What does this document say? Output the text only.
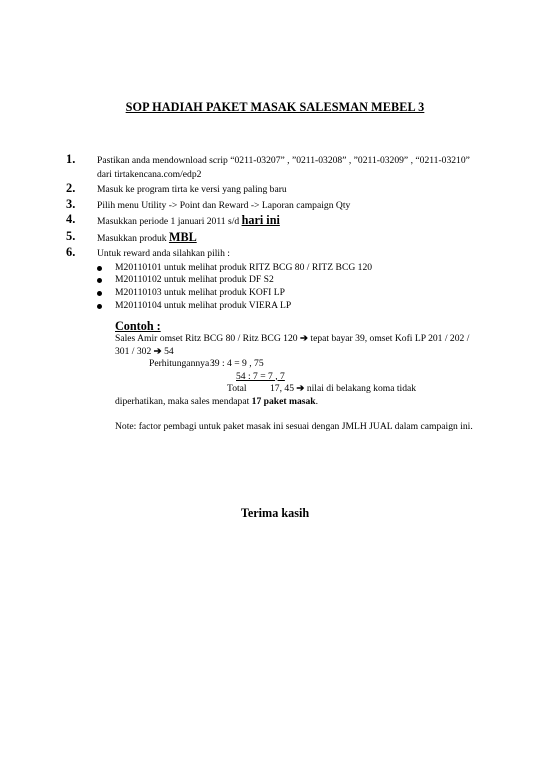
SOP HADIAH PAKET MASAK SALESMAN MEBEL 3
1. Pastikan anda mendownload scrip “0211-03207” , ”0211-03208” , ”0211-03209” , “0211-03210” dari tirtakencana.com/edp2
2. Masuk ke program tirta ke versi yang paling baru
3. Pilih menu Utility -> Point dan Reward -> Laporan campaign Qty
4. Masukkan periode 1 januari 2011 s/d hari ini
5. Masukkan produk MBL
6. Untuk reward anda silahkan pilih :
M20110101 untuk melihat produk RITZ BCG 80 / RITZ BCG 120
M20110102 untuk melihat produk DF S2
M20110103 untuk melihat produk KOFI LP
M20110104 untuk melihat produk VIERA LP
Contoh :
Sales Amir omset Ritz BCG 80 / Ritz BCG 120 ➔ tepat bayar 39, omset Kofi LP 201 / 202 / 301 / 302 ➔ 54
Perhitungannya :
39 : 4 = 9 , 75
54 : 7 = 7 , 7
Total 17, 45 ➔ nilai di belakang koma tidak
diperhatikan, maka sales mendapat 17 paket masak.
Note: factor pembagi untuk paket masak ini sesuai dengan JMLH JUAL dalam campaign ini.
Terima kasih
